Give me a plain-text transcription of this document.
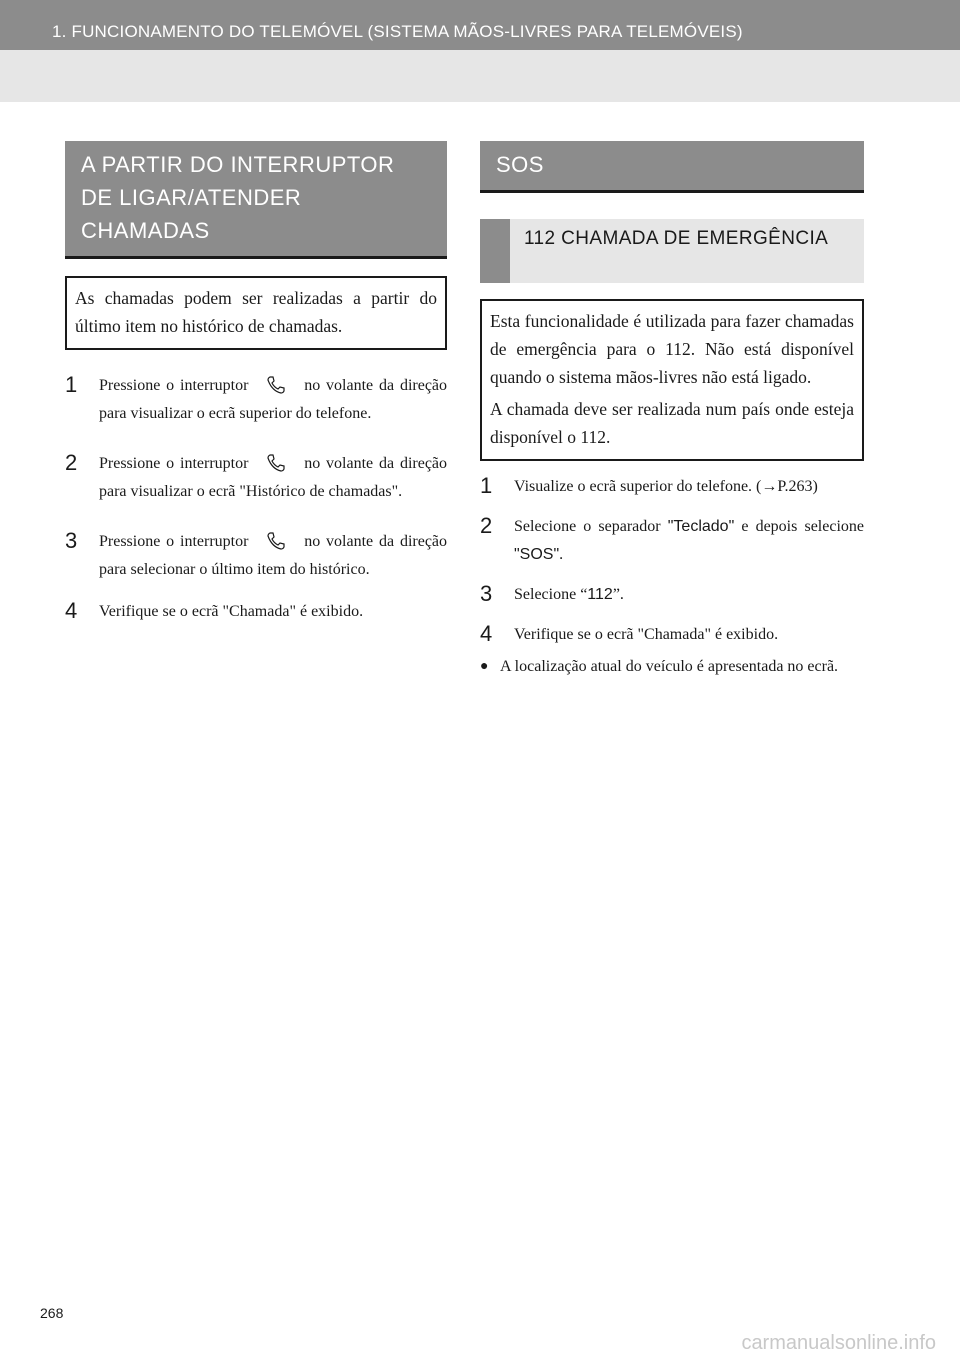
1. FUNCIONAMENTO DO TELEMÓVEL (SISTEMA MÃOS-LIVRES PARA TELEMÓVEIS)
A PARTIR DO INTERRUPTOR DE LIGAR/ATENDER CHAMADAS

As chamadas podem ser realizadas a partir do último item no histórico de chamadas.

1	Pressione o interruptor	no volante da direção para visualizar o ecrã superior do telefone.
2	Pressione o interruptor	no volante da direção para visualizar o ecrã "Histórico de chamadas".
3	Pressione o interruptor	no volante da direção para selecionar o último item do histórico.
4	Verifique se o ecrã "Chamada" é exibido.
SOS
112 CHAMADA DE EMERGÊNCIA

Esta funcionalidade é utilizada para fazer chamadas de emergência para o 112. Não está disponível quando o sistema mãos-livres não está ligado.

A chamada deve ser realizada num país onde esteja disponível o 112.

1	Visualize o ecrã superior do telefone. (→P.263)
2	Selecione o separador "Teclado" e depois selecione "SOS".
3	Selecione “112”.
4	Verifique se o ecrã "Chamada" é exibido.
● A localização atual do veículo é apresentada no ecrã.
268
carmanualsonline.info
